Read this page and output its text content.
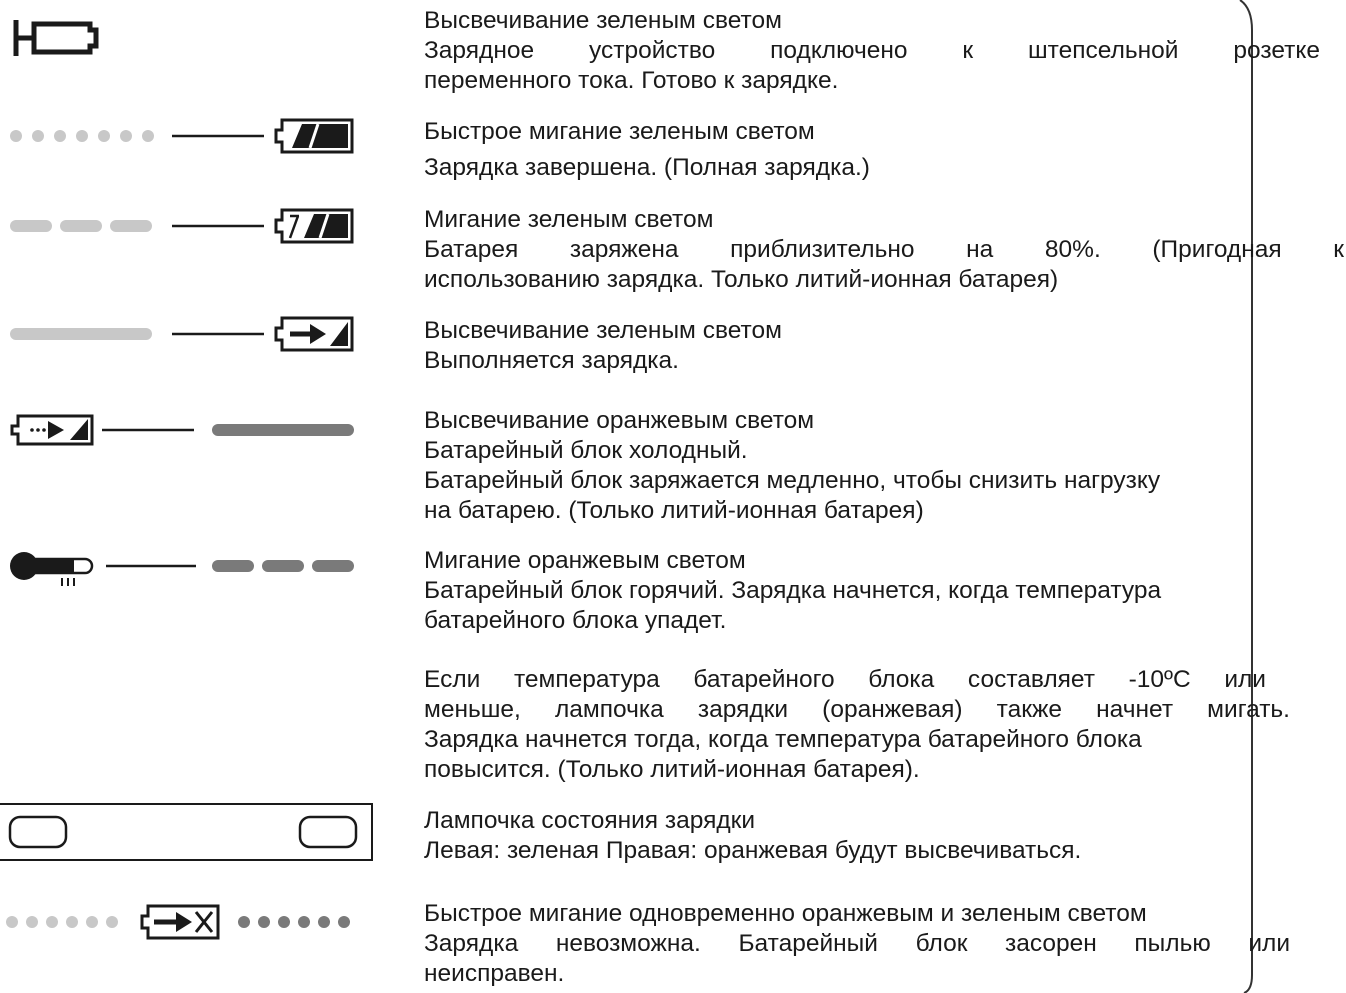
Высвечивание зеленым светом
Зарядное устройство подключено к штепсельной розетке
переменного тока. Готово к зарядке.
Быстрое мигание зеленым светом
Зарядка завершена. (Полная зарядка.)
Мигание зеленым светом
Батарея заряжена приблизительно на 80%. (Пригодная к
использованию зарядка. Только литий-ионная батарея)
Высвечивание зеленым светом
Выполняется зарядка.
Высвечивание оранжевым светом
Батарейный блок холодный.
Батарейный блок заряжается медленно, чтобы снизить нагрузку
на батарею. (Только литий-ионная батарея)
Мигание оранжевым светом
Батарейный блок горячий. Зарядка начнется, когда температура
батарейного блока упадет.
Если температура батарейного блока составляет -10ºC или
меньше, лампочка зарядки (оранжевая) также начнет мигать.
Зарядка начнется тогда, когда температура батарейного блока
повысится. (Только литий-ионная батарея).
Лампочка состояния зарядки
Левая: зеленая Правая: оранжевая будут высвечиваться.
Быстрое мигание одновременно оранжевым и зеленым светом
Зарядка невозможна. Батарейный блок засорен пылью или
неисправен.
